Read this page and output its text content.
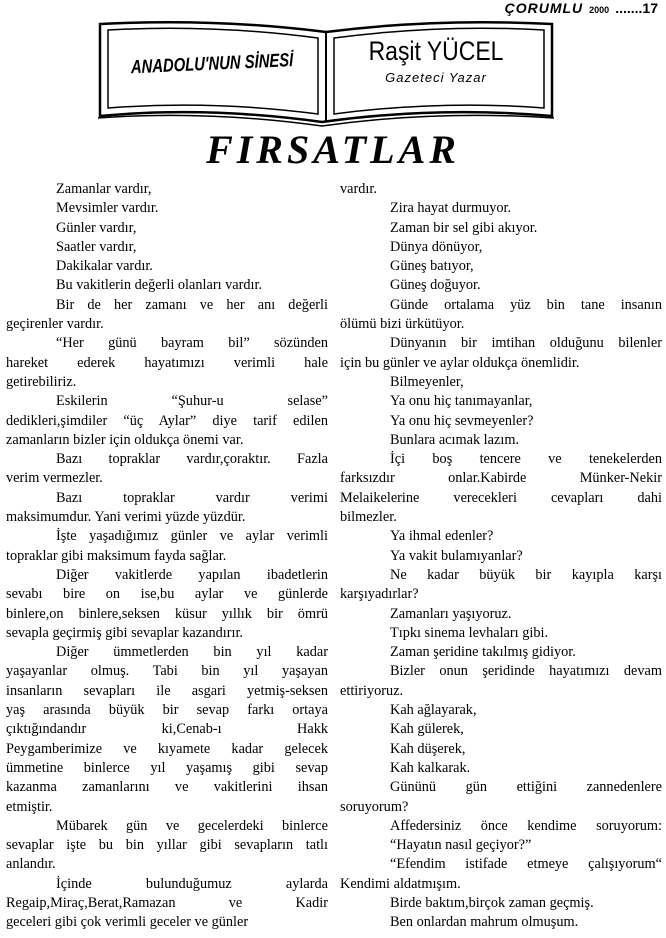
ÇORUMLU 2000 .......17
ANADOLU'NUN SİNESİ	Raşit YÜCEL
Gazeteci Yazar
FIRSATLAR
Zamanlar vardır,
Mevsimler vardır.
Günler vardır,
Saatler vardır,
Dakikalar vardır.
Bu vakitlerin değerli olanları vardır.
Bir de her zamanı ve her anı değerli
geçirenler vardır.
“Her günü bayram bil” sözünden
hareket ederek hayatımızı verimli hale
getirebiliriz.
Eskilerin “Şuhur-u selase”
dedikleri,şimdiler “üç Aylar” diye tarif edilen
zamanların bizler için oldukça önemi var.
Bazı topraklar vardır,çoraktır. Fazla
verim vermezler.
Bazı topraklar vardır verimi
maksimumdur. Yani verimi yüzde yüzdür.
İşte yaşadığımız günler ve aylar verimli
topraklar gibi maksimum fayda sağlar.
Diğer vakitlerde yapılan ibadetlerin
sevabı bire on ise,bu aylar ve günlerde
binlere,on binlere,seksen küsur yıllık bir ömrü
sevapla geçirmiş gibi sevaplar kazandırır.
Diğer ümmetlerden bin yıl kadar
yaşayanlar olmuş. Tabi bin yıl yaşayan
insanların sevapları ile asgari yetmiş-seksen
yaş arasında büyük bir sevap farkı ortaya
çıktığındandır ki,Cenab-ı Hakk
Peygamberimize ve kıyamete kadar gelecek
ümmetine binlerce yıl yaşamış gibi sevap
kazanma zamanlarını ve vakitlerini ihsan
etmiştir.
Mübarek gün ve gecelerdeki binlerce
sevaplar işte bu bin yıllar gibi sevapların tatlı
anlandır.
İçinde bulunduğumuz aylarda
Regaip,Miraç,Berat,Ramazan ve Kadir
geceleri gibi çok verimli geceler ve günler
vardır.
Zira hayat durmuyor.
Zaman bir sel gibi akıyor.
Dünya dönüyor,
Güneş batıyor,
Güneş doğuyor.
Günde ortalama yüz bin tane insanın
ölümü bizi ürkütüyor.
Dünyanın bir imtihan olduğunu bilenler
için bu günler ve aylar oldukça önemlidir.
Bilmeyenler,
Ya onu hiç tanımayanlar,
Ya onu hiç sevmeyenler?
Bunlara acımak lazım.
İçi boş tencere ve tenekelerden
farksızdır onlar.Kabirde Münker-Nekir
Melaikelerine verecekleri cevapları dahi
bilmezler.
Ya ihmal edenler?
Ya vakit bulamıyanlar?
Ne kadar büyük bir kayıpla karşı
karşıyadırlar?
Zamanları yaşıyoruz.
Tıpkı sinema levhaları gibi.
Zaman şeridine takılmış gidiyor.
Bizler onun şeridinde hayatımızı devam
ettiriyoruz.
Kah ağlayarak,
Kah gülerek,
Kah düşerek,
Kah kalkarak.
Gününü gün ettiğini zannedenlere
soruyorum?
Affedersiniz önce kendime soruyorum:
“Hayatın nasıl geçiyor?”
“Efendim istifade etmeye çalışıyorum“
Kendimi aldatmışım.
Birde baktım,birçok zaman geçmiş.
Ben onlardan mahrum olmuşum.
